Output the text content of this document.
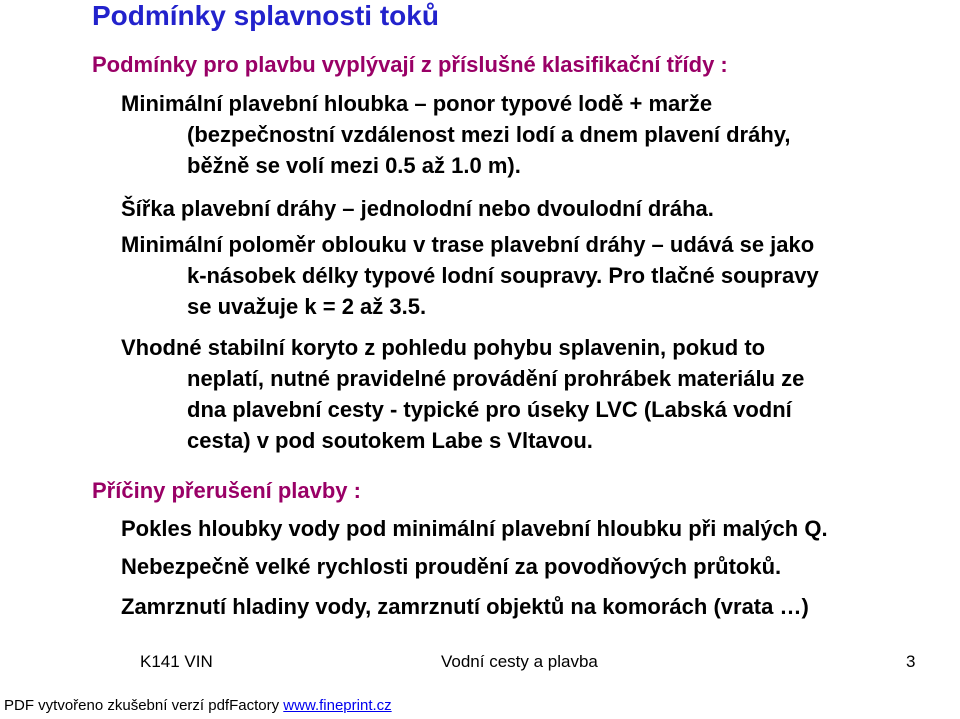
Podmínky splavnosti toků
Podmínky pro plavbu vyplývají z příslušné klasifikační třídy :
Minimální plavební hloubka – ponor typové lodě + marže
(bezpečnostní vzdálenost mezi lodí a dnem plavení dráhy,
běžně se volí mezi 0.5 až 1.0 m).
Šířka plavební dráhy – jednolodní nebo dvoulodní dráha.
Minimální poloměr oblouku v trase plavební dráhy – udává se jako
k-násobek délky typové lodní soupravy. Pro tlačné soupravy
se uvažuje k = 2 až 3.5.
Vhodné stabilní koryto z pohledu pohybu splavenin, pokud to
neplatí, nutné pravidelné provádění prohrábek materiálu ze
dna plavební cesty - typické pro úseky LVC (Labská vodní
cesta) v pod soutokem Labe s Vltavou.
Příčiny přerušení plavby :
Pokles hloubky vody pod minimální plavební hloubku při malých Q.
Nebezpečně velké rychlosti proudění za povodňových průtoků.
Zamrznutí hladiny vody, zamrznutí objektů na komorách (vrata …)
K141 VIN	Vodní cesty a plavba	3
PDF vytvořeno zkušební verzí pdfFactory www.fineprint.cz
